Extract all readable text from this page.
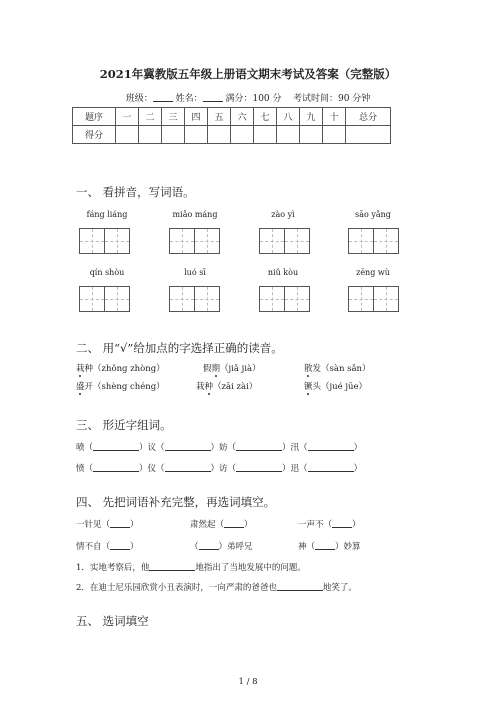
2021年冀教版五年级上册语文期末考试及答案（完整版）
班级：	姓名：	满分：100 分 考试时间：90 分钟
题序	一	二	三	四	五	六	七	八	九	十	总分
得分											
一、 看拼音，写词语。
fáng liáng	miǎo máng	zào yì	sāo yǎng
qín shòu	luó sī	niǔ kòu	zēng wù
二、 用“√”给加点的字选择正确的读音。
栽种（zhǒng zhòng）	假期（jiǎ jià）	散发（sàn sǎn）
盛开（shèng chéng）	栽种（zāi zài）	镢头（jué jūe）
三、 形近字组词。
喷（	）议（	）妨（	）汛（	）
愤（	）仪（	）访（	）迅（	）
四、 先把词语补充完整，再选词填空。
一针见（ ）	肃然起（ ）	一声不（ ）
情不自（ ）	（ ）弟呼兄	神（ ）妙算
1．实地考察后，他	地指出了当地发展中的问题。
2．在迪士尼乐园欣赏小丑表演时，一向严肃的爸爸也	地笑了。
五、 选词填空
1 / 8
